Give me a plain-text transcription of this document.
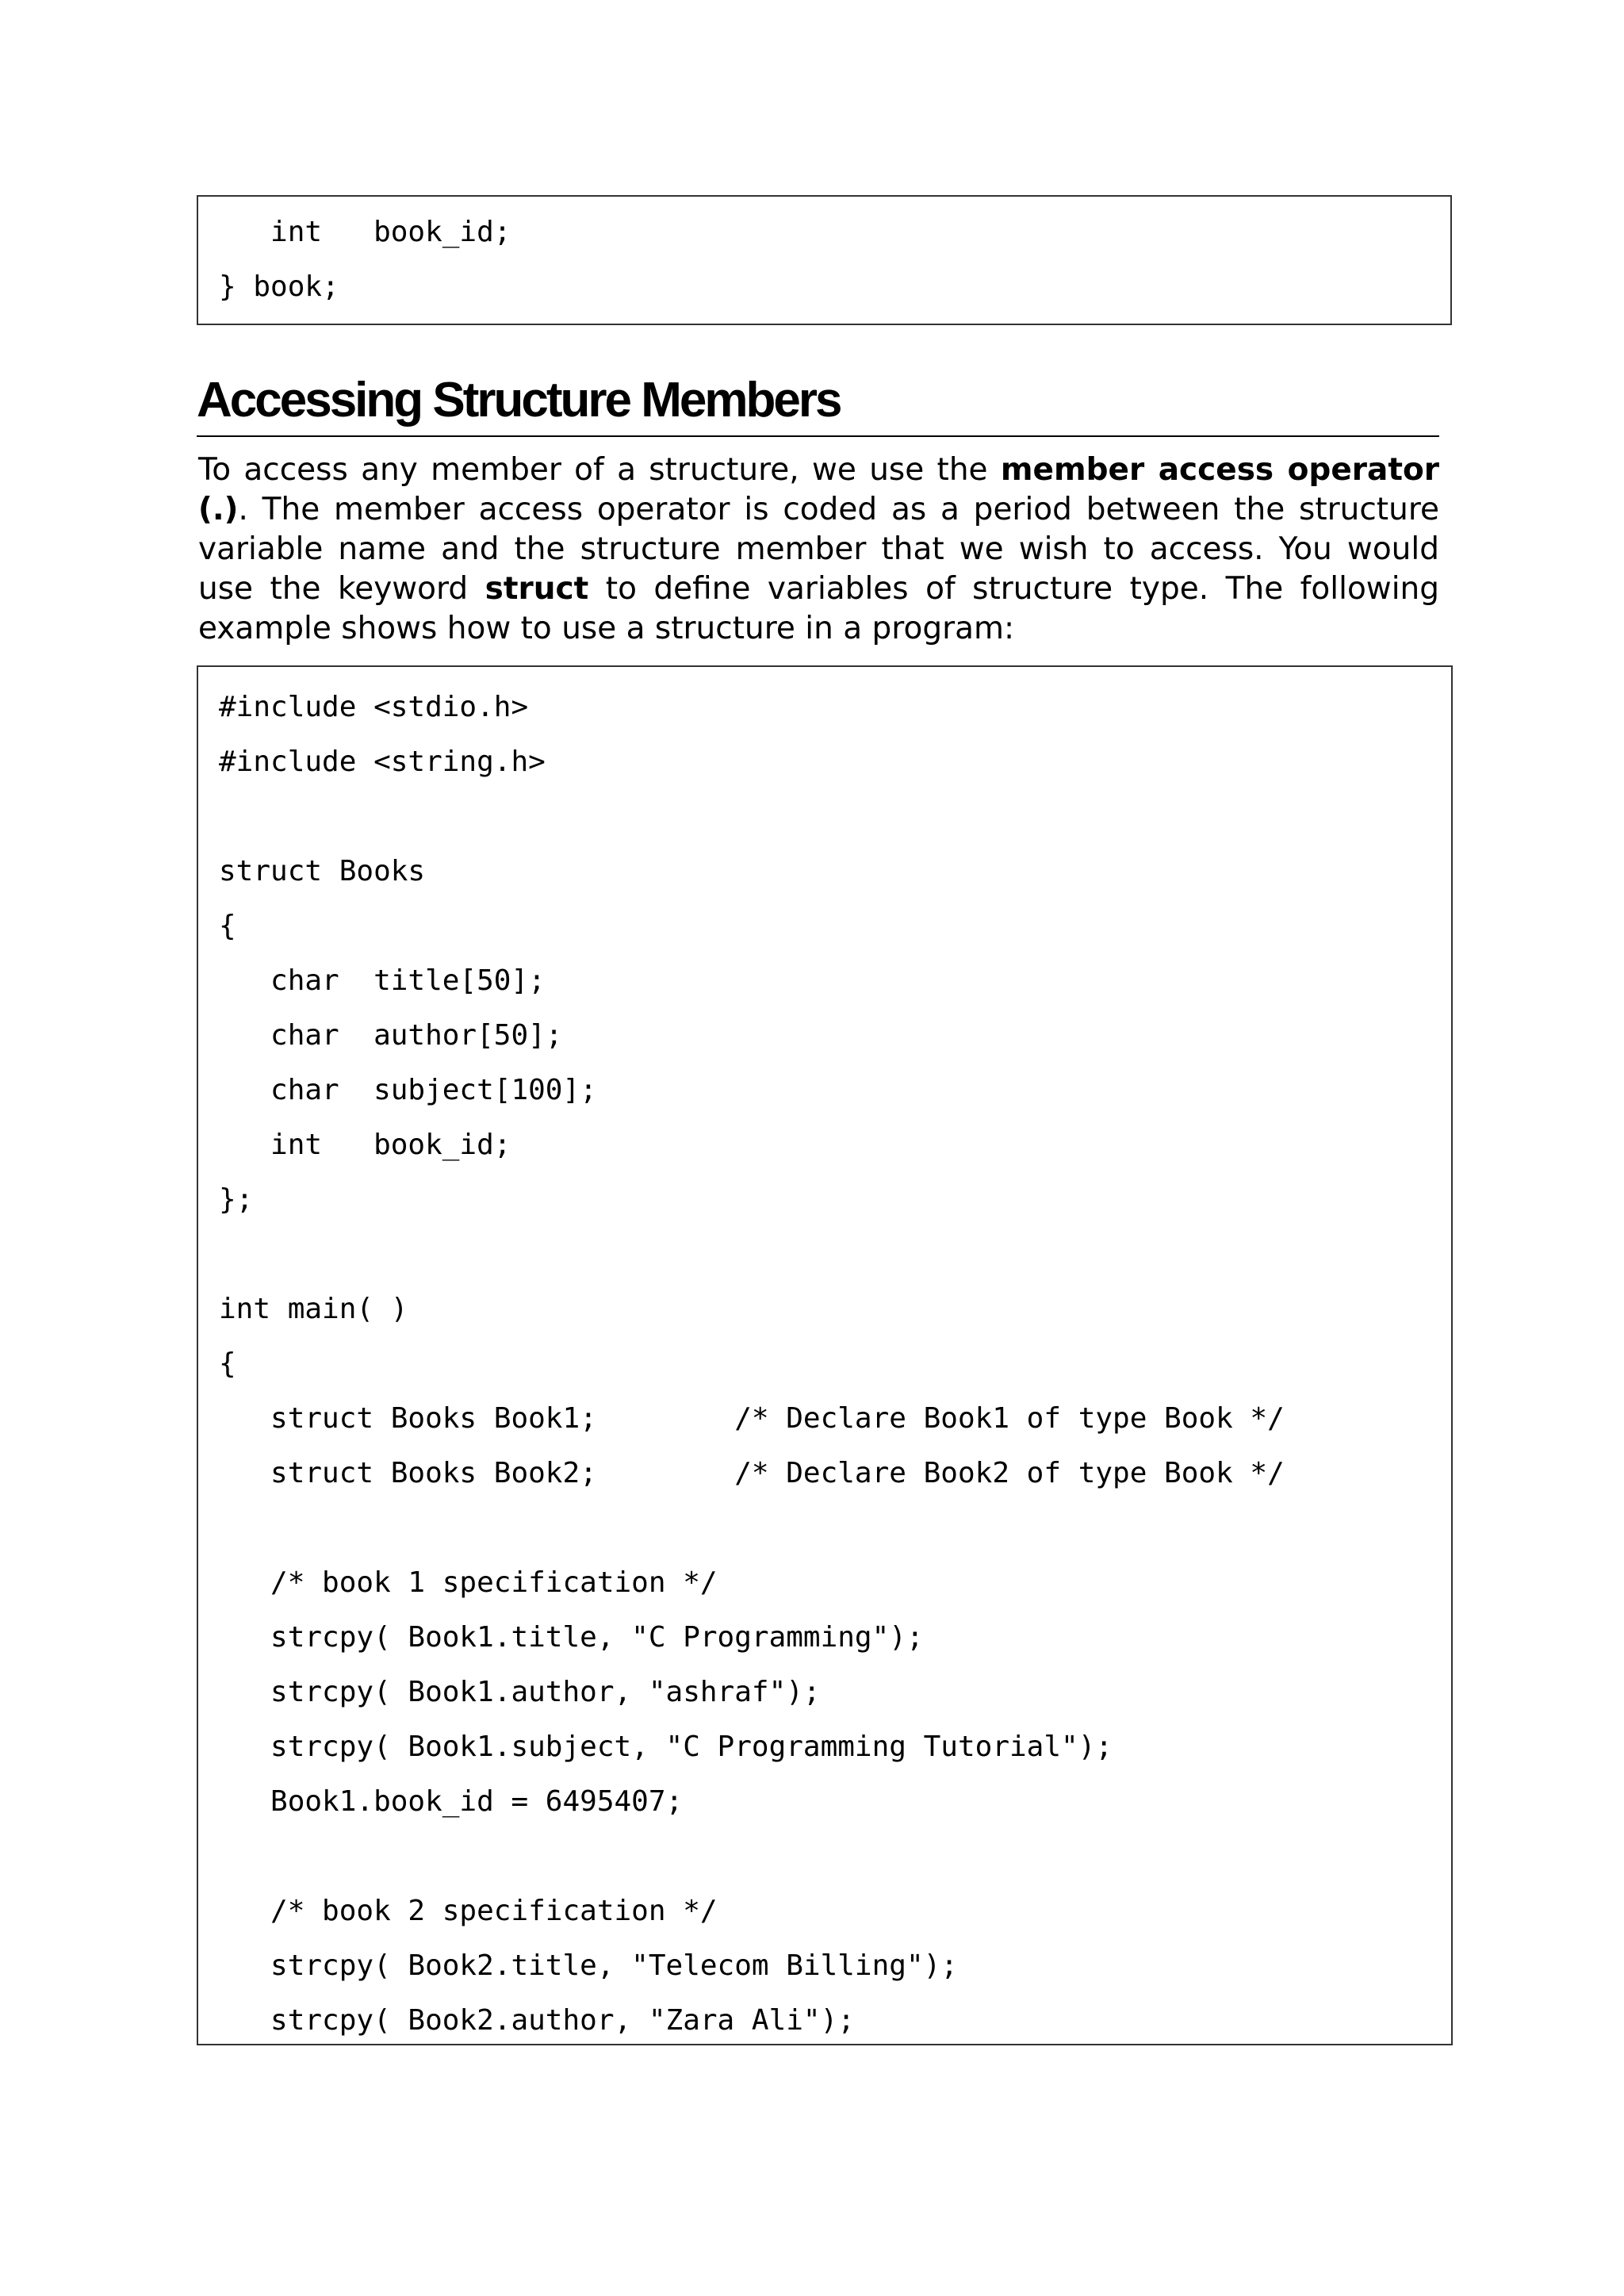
int   book_id;
} book;
Accessing Structure Members

To access any member of a structure, we use the member access operator (.). The member access operator is coded as a period between the structure variable name and the structure member that we wish to access. You would use the keyword struct to define variables of structure type. The following example shows how to use a structure in a program:

#include <stdio.h>
#include <string.h>
struct Books
{
char  title[50];
char  author[50];
char  subject[100];
int   book_id;
};
int main( )
{
struct Books Book1;        /* Declare Book1 of type Book */
struct Books Book2;        /* Declare Book2 of type Book */
/* book 1 specification */
strcpy( Book1.title, "C Programming");
strcpy( Book1.author, "ashraf");
strcpy( Book1.subject, "C Programming Tutorial");
Book1.book_id = 6495407;
/* book 2 specification */
strcpy( Book2.title, "Telecom Billing");
strcpy( Book2.author, "Zara Ali");
